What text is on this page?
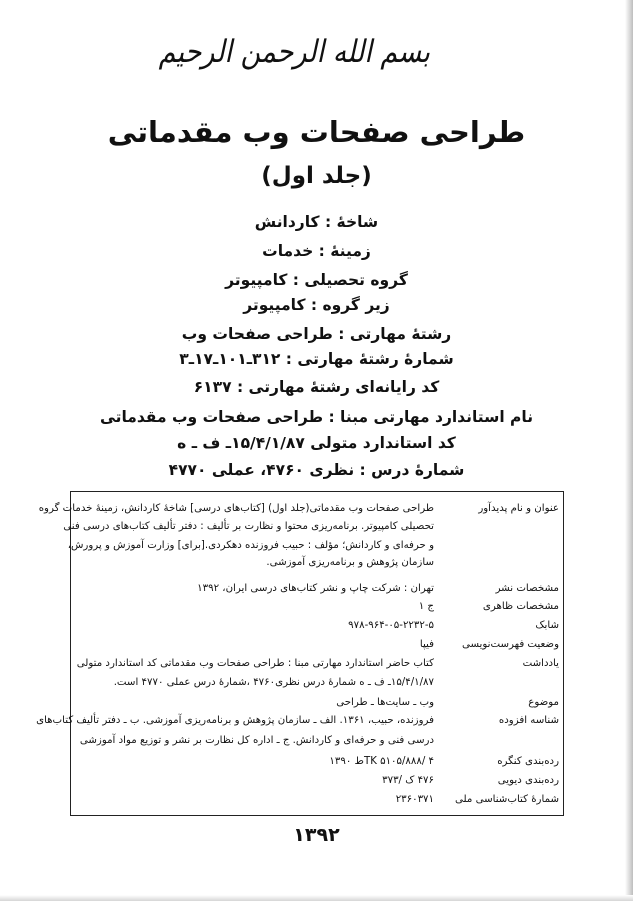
بسم الله الرحمن الرحیم
طراحی صفحات وب مقدماتی
(جلد اول)
شاخهٔ : کاردانش
زمینهٔ : خدمات
گروه تحصیلی : کامپیوتر
زیر گروه : کامپیوتر
رشتهٔ مهارتی : طراحی صفحات وب
شمارهٔ رشتهٔ مهارتی : ۳۱۲ـ۱۰۱ـ۱۷ـ۳
کد رایانه‌ای رشتهٔ مهارتی : ۶۱۳۷
نام استاندارد مهارتی مبنا : طراحی صفحات وب مقدماتی
کد استاندارد متولی ۱۵/۴/۱/۸۷ـ ف ـ ه
شمارهٔ درس : نظری ۴۷۶۰، عملی ۴۷۷۰
عنوان و نام پدیدآور
طراحی صفحات وب مقدماتی(جلد اول) [کتاب‌های درسی] شاخهٔ کاردانش، زمینهٔ خدمات گروه
تحصیلی کامپیوتر. برنامه‌ریزی محتوا و نظارت بر تألیف : دفتر تألیف کتاب‌های درسی فنی
و حرفه‌ای و کاردانش؛ مؤلف : حبیب فروزنده دهکردی.[برای] وزارت آموزش و پرورش،
سازمان پژوهش و برنامه‌ریزی آموزشی.
مشخصات نشر
تهران : شرکت چاپ و نشر کتاب‌های درسی ایران، ۱۳۹۲
مشخصات ظاهری
ج ۱
شابک
۹۷۸-۹۶۴-۰۵-۲۲۳۲-۵
وضعیت فهرست‌نویسی
فیپا
یادداشت
کتاب حاضر استاندارد مهارتی مبنا : طراحی صفحات وب مقدماتی کد استاندارد متولی
۱۵/۴/۱/۸۷ـ ف ـ ه شمارهٔ درس نظری۴۷۶۰ ،شمارهٔ درس عملی ۴۷۷۰ است.
موضوع
وب ـ سایت‌ها ـ طراحی
شناسه افزوده
فروزنده، حبیب، ۱۳۶۱. الف ـ سازمان پژوهش و برنامه‌ریزی آموزشی. ب ـ دفتر تألیف کتاب‌های
درسی فنی و حرفه‌ای و کاردانش. ج ـ اداره کل نظارت بر نشر و توزیع مواد آموزشی
رده‌بندی کنگره
TK ۵۱۰۵/۸۸۸/ ۴ط ۱۳۹۰
رده‌بندی دیویی
۴۷۶ ک /۳۷۳
شمارهٔ کتاب‌شناسی ملی
۲۳۶۰۳۷۱
۱۳۹۲
